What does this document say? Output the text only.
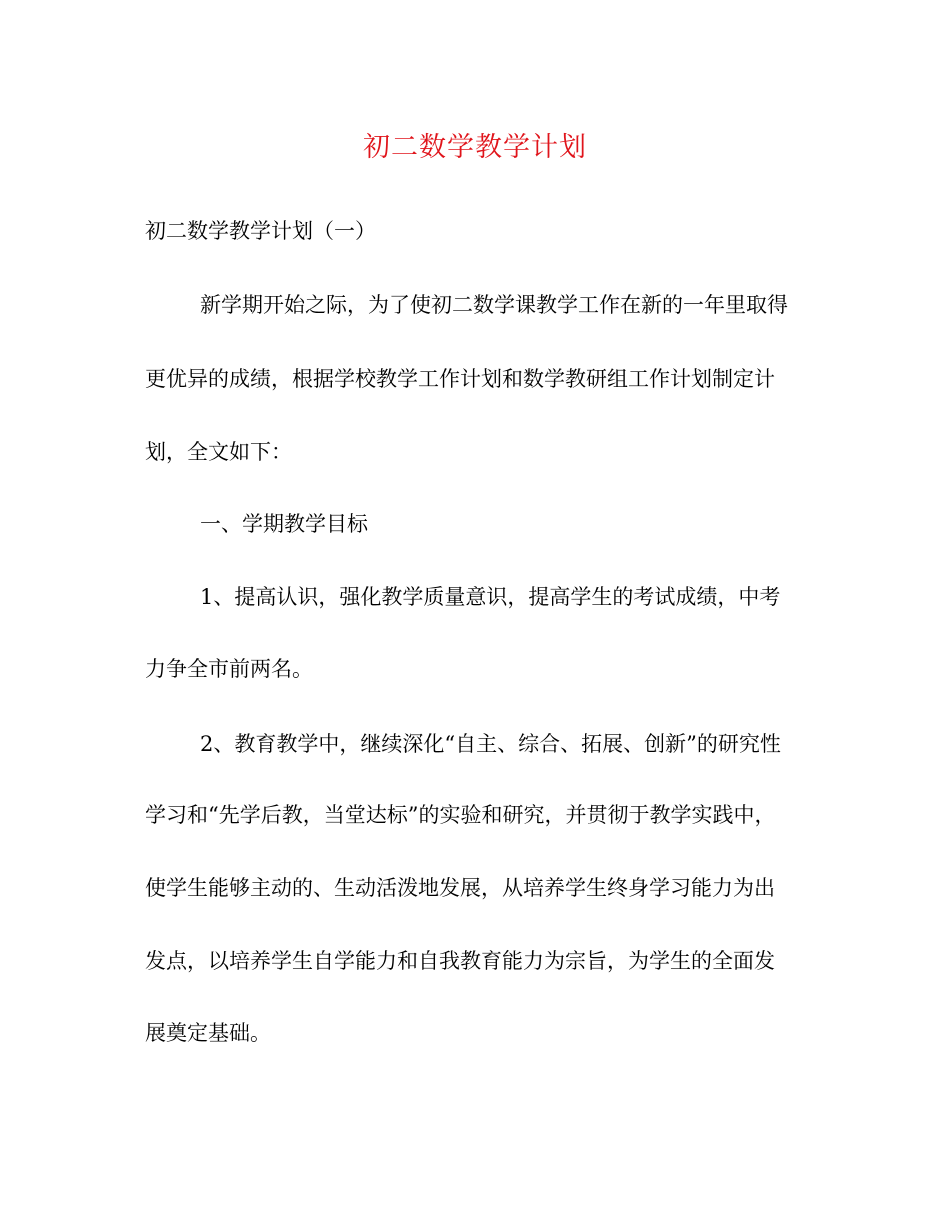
初二数学教学计划
初二数学教学计划（一）
新学期开始之际，为了使初二数学课教学工作在新的一年里取得
更优异的成绩，根据学校教学工作计划和数学教研组工作计划制定计
划，全文如下：
一、学期教学目标
1、提高认识，强化教学质量意识，提高学生的考试成绩，中考
力争全市前两名。
2、教育教学中，继续深化“自主、综合、拓展、创新”的研究性
学习和“先学后教，当堂达标”的实验和研究，并贯彻于教学实践中，
使学生能够主动的、生动活泼地发展，从培养学生终身学习能力为出
发点，以培养学生自学能力和自我教育能力为宗旨，为学生的全面发
展奠定基础。
